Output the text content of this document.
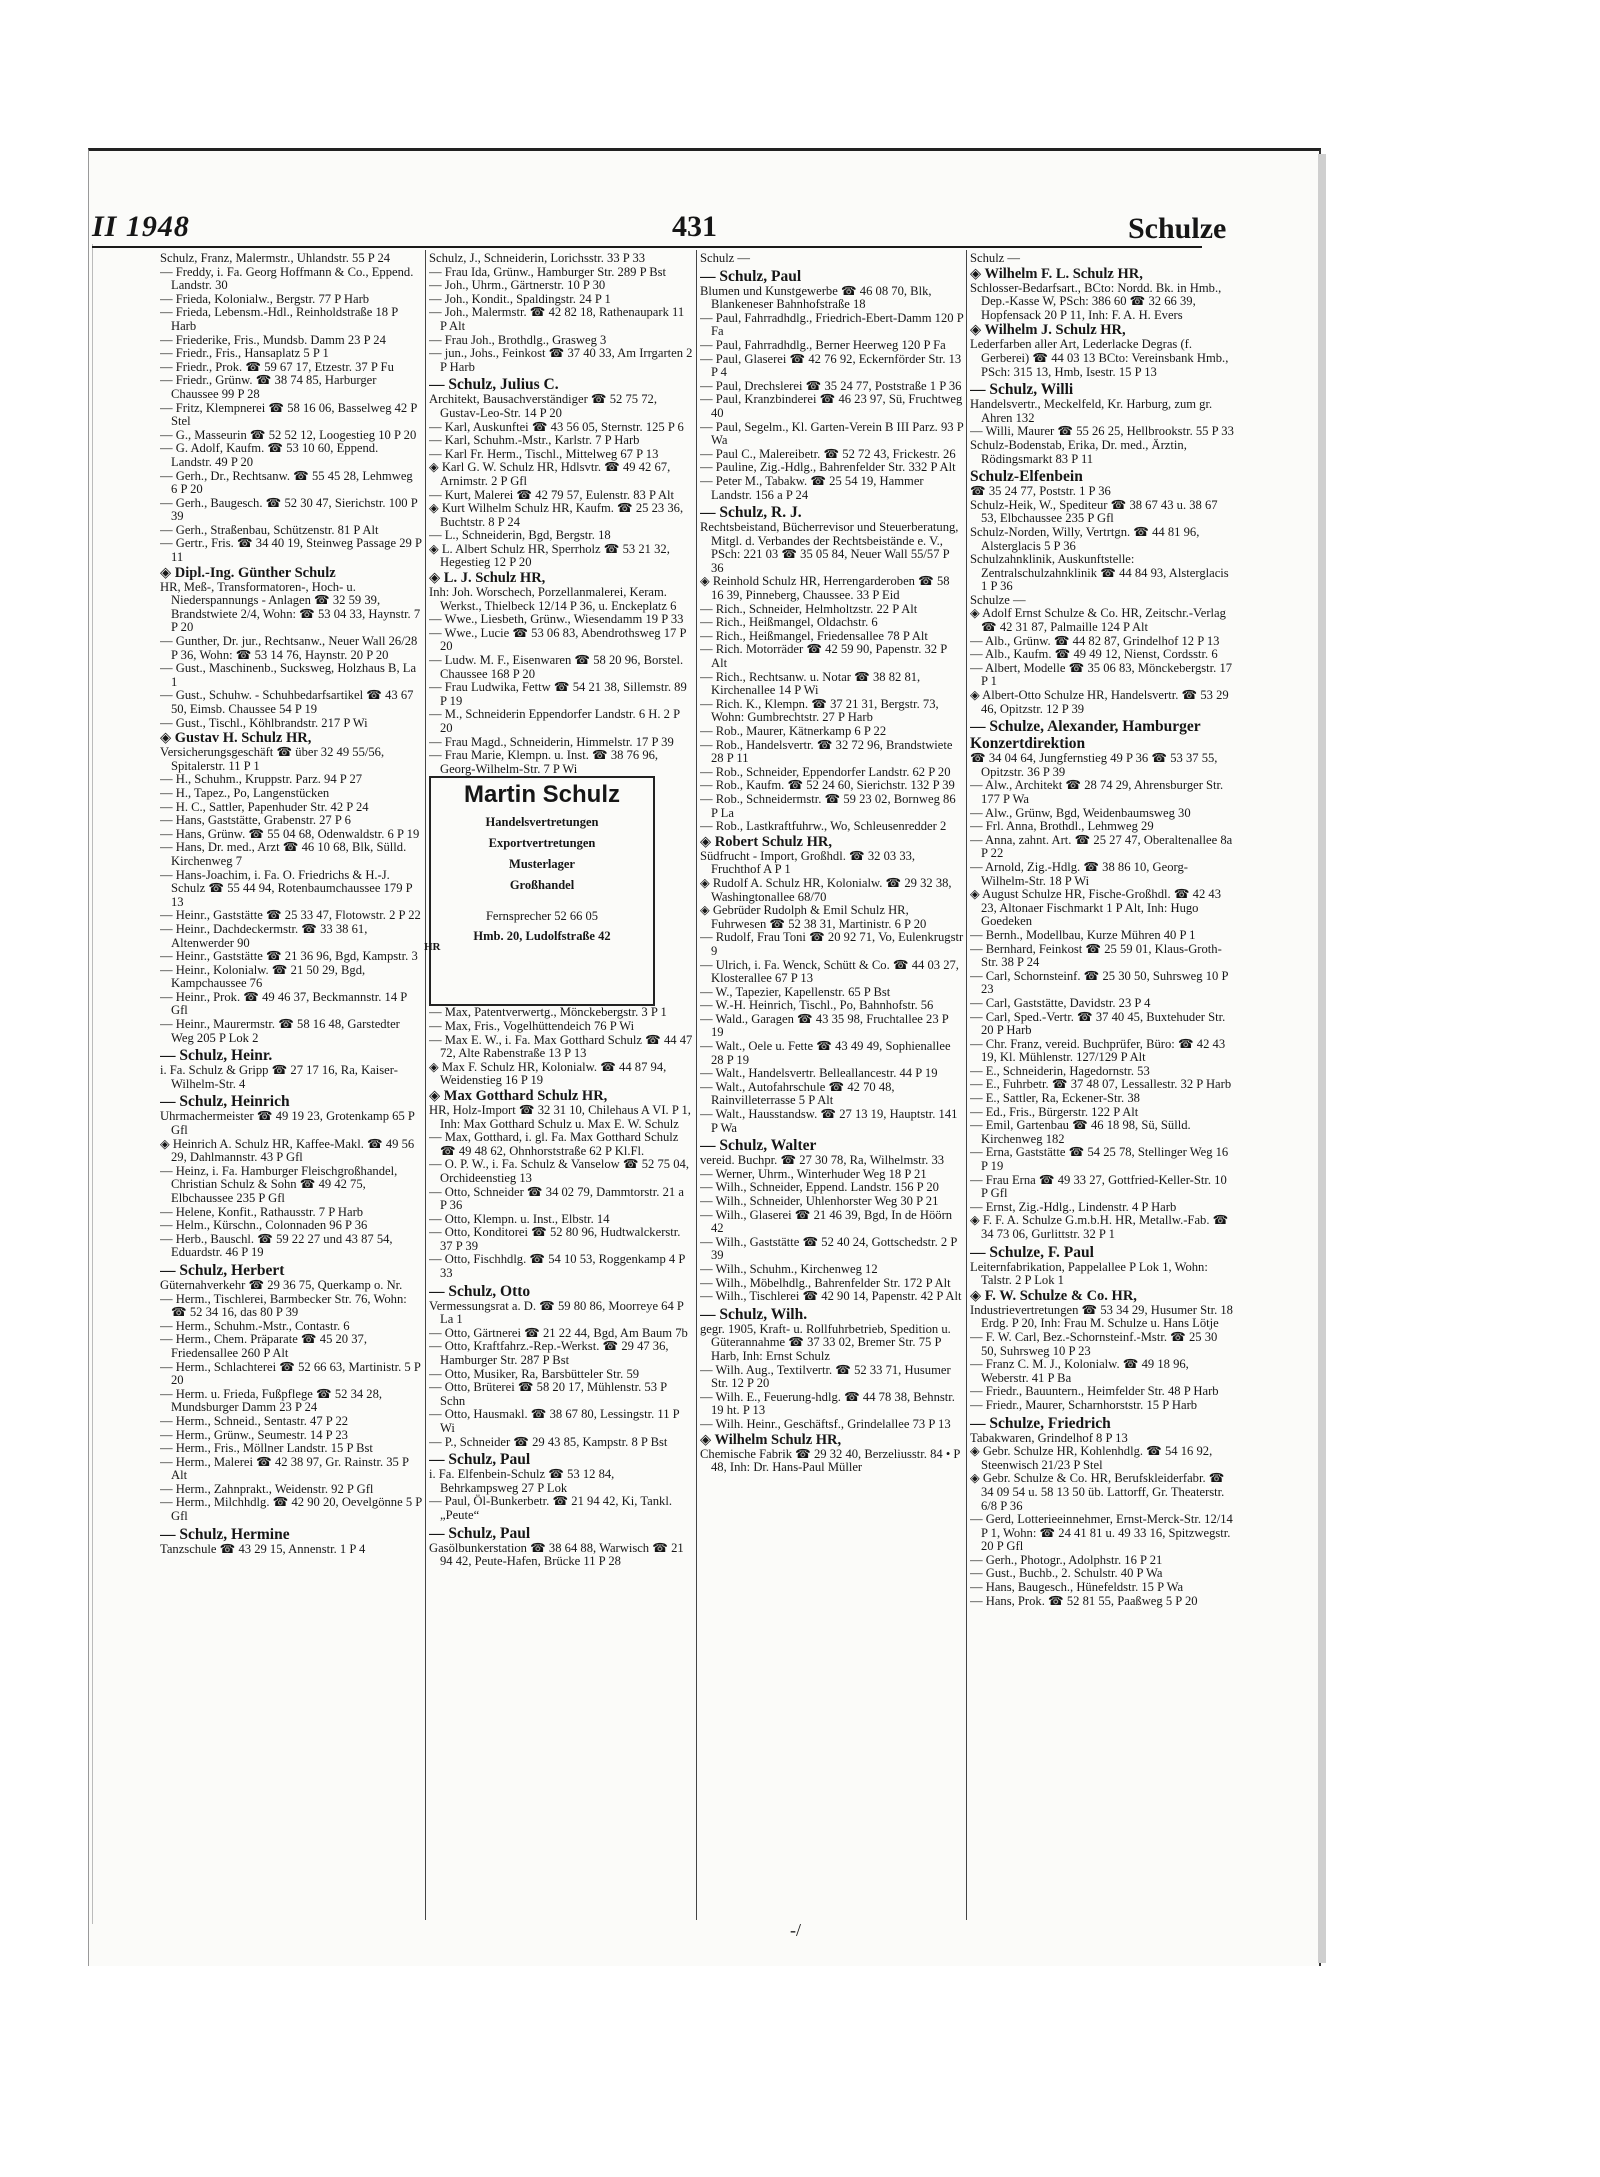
II 1948	431	Schulze
Schulz, Franz, Malermstr., Uhlandstr. 55 P 24
— Freddy, i. Fa. Georg Hoffmann & Co., Eppend. Landstr. 30
— Frieda, Kolonialw., Bergstr. 77 P Harb
— Frieda, Lebensm.-Hdl., Reinholdstraße 18 P Harb
— Friederike, Fris., Mundsb. Damm 23 P 24
— Friedr., Fris., Hansaplatz 5 P 1
— Friedr., Prok. ☎ 59 67 17, Etzestr. 37 P Fu
— Friedr., Grünw. ☎ 38 74 85, Harburger Chaussee 99 P 28
— Fritz, Klempnerei ☎ 58 16 06, Basselweg 42 P Stel
— G., Masseurin ☎ 52 52 12, Loogestieg 10 P 20
— G. Adolf, Kaufm. ☎ 53 10 60, Eppend. Landstr. 49 P 20
— Gerh., Dr., Rechtsanw. ☎ 55 45 28, Lehmweg 6 P 20
— Gerh., Baugesch. ☎ 52 30 47, Sierichstr. 100 P 39
— Gerh., Straßenbau, Schützenstr. 81 P Alt
— Gertr., Fris. ☎ 34 40 19, Steinweg Passage 29 P 11
◈ Dipl.-Ing. Günther Schulz
HR, Meß-, Transformatoren-, Hoch- u. Niederspannungs - Anlagen ☎ 32 59 39, Brandstwiete 2/4, Wohn: ☎ 53 04 33, Haynstr. 7 P 20
— Gunther, Dr. jur., Rechtsanw., Neuer Wall 26/28 P 36, Wohn: ☎ 53 14 76, Haynstr. 20 P 20
— Gust., Maschinenb., Sucksweg, Holzhaus B, La 1
— Gust., Schuhw. - Schuhbedarfsartikel ☎ 43 67 50, Eimsb. Chaussee 54 P 19
— Gust., Tischl., Köhlbrandstr. 217 P Wi
◈ Gustav H. Schulz HR,
Versicherungsgeschäft ☎ über 32 49 55/56, Spitalerstr. 11 P 1
— H., Schuhm., Kruppstr. Parz. 94 P 27
— H., Tapez., Po, Langenstücken
— H. C., Sattler, Papenhuder Str. 42 P 24
— Hans, Gaststätte, Grabenstr. 27 P 6
— Hans, Grünw. ☎ 55 04 68, Odenwaldstr. 6 P 19
— Hans, Dr. med., Arzt ☎ 46 10 68, Blk, Sülld. Kirchenweg 7
— Hans-Joachim, i. Fa. O. Friedrichs & H.-J. Schulz ☎ 55 44 94, Rotenbaumchaussee 179 P 13
— Heinr., Gaststätte ☎ 25 33 47, Flotowstr. 2 P 22
— Heinr., Dachdeckermstr. ☎ 33 38 61, Altenwerder 90
— Heinr., Gaststätte ☎ 21 36 96, Bgd, Kampstr. 3
— Heinr., Kolonialw. ☎ 21 50 29, Bgd, Kampchaussee 76
— Heinr., Prok. ☎ 49 46 37, Beckmannstr. 14 P Gfl
— Heinr., Maurermstr. ☎ 58 16 48, Garstedter Weg 205 P Lok 2
— Schulz, Heinr.
i. Fa. Schulz & Gripp ☎ 27 17 16, Ra, Kaiser-Wilhelm-Str. 4
— Schulz, Heinrich
Uhrmachermeister ☎ 49 19 23, Grotenkamp 65 P Gfl
◈ Heinrich A. Schulz HR, Kaffee-Makl. ☎ 49 56 29, Dahlmannstr. 43 P Gfl
— Heinz, i. Fa. Hamburger Fleischgroßhandel, Christian Schulz & Sohn ☎ 49 42 75, Elbchaussee 235 P Gfl
— Helene, Konfit., Rathausstr. 7 P Harb
— Helm., Kürschn., Colonnaden 96 P 36
— Herb., Bauschl. ☎ 59 22 27 und 43 87 54, Eduardstr. 46 P 19
— Schulz, Herbert
Güternahverkehr ☎ 29 36 75, Querkamp o. Nr.
— Herm., Tischlerei, Barmbecker Str. 76, Wohn: ☎ 52 34 16, das 80 P 39
— Herm., Schuhm.-Mstr., Contastr. 6
— Herm., Chem. Präparate ☎ 45 20 37, Friedensallee 260 P Alt
— Herm., Schlachterei ☎ 52 66 63, Martinistr. 5 P 20
— Herm. u. Frieda, Fußpflege ☎ 52 34 28, Mundsburger Damm 23 P 24
— Herm., Schneid., Sentastr. 47 P 22
— Herm., Grünw., Seumestr. 14 P 23
— Herm., Fris., Möllner Landstr. 15 P Bst
— Herm., Malerei ☎ 42 38 97, Gr. Rainstr. 35 P Alt
— Herm., Zahnprakt., Weidenstr. 92 P Gfl
— Herm., Milchhdlg. ☎ 42 90 20, Oevelgönne 5 P Gfl
— Schulz, Hermine
Tanzschule ☎ 43 29 15, Annenstr. 1 P 4
Schulz, J., Schneiderin, Lorichsstr. 33 P 33
— Frau Ida, Grünw., Hamburger Str. 289 P Bst
— Joh., Uhrm., Gärtnerstr. 10 P 30
— Joh., Kondit., Spaldingstr. 24 P 1
— Joh., Malermstr. ☎ 42 82 18, Rathenaupark 11 P Alt
— Frau Joh., Brothdlg., Grasweg 3
— jun., Johs., Feinkost ☎ 37 40 33, Am Irrgarten 2 P Harb
— Schulz, Julius C.
Architekt, Bausachverständiger ☎ 52 75 72, Gustav-Leo-Str. 14 P 20
— Karl, Auskunftei ☎ 43 56 05, Sternstr. 125 P 6
— Karl, Schuhm.-Mstr., Karlstr. 7 P Harb
— Karl Fr. Herm., Tischl., Mittelweg 67 P 13
◈ Karl G. W. Schulz HR, Hdlsvtr. ☎ 49 42 67, Arnimstr. 2 P Gfl
— Kurt, Malerei ☎ 42 79 57, Eulenstr. 83 P Alt
◈ Kurt Wilhelm Schulz HR, Kaufm. ☎ 25 23 36, Buchtstr. 8 P 24
— L., Schneiderin, Bgd, Bergstr. 18
◈ L. Albert Schulz HR, Sperrholz ☎ 53 21 32, Hegestieg 12 P 20
◈ L. J. Schulz HR,
Inh: Joh. Worschech, Porzellanmalerei, Keram. Werkst., Thielbeck 12/14 P 36, u. Enckeplatz 6
— Wwe., Liesbeth, Grünw., Wiesendamm 19 P 33
— Wwe., Lucie ☎ 53 06 83, Abendrothsweg 17 P 20
— Ludw. M. F., Eisenwaren ☎ 58 20 96, Borstel. Chaussee 168 P 20
— Frau Ludwika, Fettw ☎ 54 21 38, Sillemstr. 89 P 19
— M., Schneiderin Eppendorfer Landstr. 6 H. 2 P 20
— Frau Magd., Schneiderin, Himmelstr. 17 P 39
— Frau Marie, Klempn. u. Inst. ☎ 38 76 96, Georg-Wilhelm-Str. 7 P Wi
Martin Schulz
Handelsvertretungen
Exportvertretungen
Musterlager
Großhandel
Fernsprecher 52 66 05
Hmb. 20, Ludolfstraße 42
— Max, Patentverwertg., Mönckebergstr. 3 P 1
— Max, Fris., Vogelhüttendeich 76 P Wi
— Max E. W., i. Fa. Max Gotthard Schulz ☎ 44 47 72, Alte Rabenstraße 13 P 13
◈ Max F. Schulz HR, Kolonialw. ☎ 44 87 94, Weidenstieg 16 P 19
◈ Max Gotthard Schulz HR,
HR, Holz-Import ☎ 32 31 10, Chilehaus A VI. P 1, Inh: Max Gotthard Schulz u. Max E. W. Schulz
— Max, Gotthard, i. gl. Fa. Max Gotthard Schulz ☎ 49 48 62, Ohnhorststraße 62 P Kl.Fl.
— O. P. W., i. Fa. Schulz & Vanselow ☎ 52 75 04, Orchideenstieg 13
— Otto, Schneider ☎ 34 02 79, Dammtorstr. 21 a P 36
— Otto, Klempn. u. Inst., Elbstr. 14
— Otto, Konditorei ☎ 52 80 96, Hudtwalckerstr. 37 P 39
— Otto, Fischhdlg. ☎ 54 10 53, Roggenkamp 4 P 33
— Schulz, Otto
Vermessungsrat a. D. ☎ 59 80 86, Moorreye 64 P La 1
— Otto, Gärtnerei ☎ 21 22 44, Bgd, Am Baum 7b
— Otto, Kraftfahrz.-Rep.-Werkst. ☎ 29 47 36, Hamburger Str. 287 P Bst
— Otto, Musiker, Ra, Barsbütteler Str. 59
— Otto, Brüterei ☎ 58 20 17, Mühlenstr. 53 P Schn
— Otto, Hausmakl. ☎ 38 67 80, Lessingstr. 11 P Wi
— P., Schneider ☎ 29 43 85, Kampstr. 8 P Bst
— Schulz, Paul
i. Fa. Elfenbein-Schulz ☎ 53 12 84, Behrkampsweg 27 P Lok
— Paul, Öl-Bunkerbetr. ☎ 21 94 42, Ki, Tankl. „Peute“
— Schulz, Paul
Gasölbunkerstation ☎ 38 64 88, Warwisch ☎ 21 94 42, Peute-Hafen, Brücke 11 P 28
Schulz —
— Schulz, Paul
Blumen und Kunstgewerbe ☎ 46 08 70, Blk, Blankeneser Bahnhofstraße 18
— Paul, Fahrradhdlg., Friedrich-Ebert-Damm 120 P Fa
— Paul, Fahrradhdlg., Berner Heerweg 120 P Fa
— Paul, Glaserei ☎ 42 76 92, Eckernförder Str. 13 P 4
— Paul, Drechslerei ☎ 35 24 77, Poststraße 1 P 36
— Paul, Kranzbinderei ☎ 46 23 97, Sü, Fruchtweg 40
— Paul, Segelm., Kl. Garten-Verein B III Parz. 93 P Wa
— Paul C., Malereibetr. ☎ 52 72 43, Frickestr. 26
— Pauline, Zig.-Hdlg., Bahrenfelder Str. 332 P Alt
— Peter M., Tabakw. ☎ 25 54 19, Hammer Landstr. 156 a P 24
— Schulz, R. J.
Rechtsbeistand, Bücherrevisor und Steuerberatung, Mitgl. d. Verbandes der Rechtsbeistände e. V., PSch: 221 03 ☎ 35 05 84, Neuer Wall 55/57 P 36
◈ Reinhold Schulz HR, Herrengarderoben ☎ 58 16 39, Pinneberg, Chaussee. 33 P Eid
— Rich., Schneider, Helmholtzstr. 22 P Alt
— Rich., Heißmangel, Oldachstr. 6
— Rich., Heißmangel, Friedensallee 78 P Alt
— Rich. Motorräder ☎ 42 59 90, Papenstr. 32 P Alt
— Rich., Rechtsanw. u. Notar ☎ 38 82 81, Kirchenallee 14 P Wi
— Rich. K., Klempn. ☎ 37 21 31, Bergstr. 73, Wohn: Gumbrechtstr. 27 P Harb
— Rob., Maurer, Kätnerkamp 6 P 22
— Rob., Handelsvertr. ☎ 32 72 96, Brandstwiete 28 P 11
— Rob., Schneider, Eppendorfer Landstr. 62 P 20
— Rob., Kaufm. ☎ 52 24 60, Sierichstr. 132 P 39
— Rob., Schneidermstr. ☎ 59 23 02, Bornweg 86 P La
— Rob., Lastkraftfuhrw., Wo, Schleusenredder 2
◈ Robert Schulz HR,
Südfrucht - Import, Großhdl. ☎ 32 03 33, Fruchthof A P 1
◈ Rudolf A. Schulz HR, Kolonialw. ☎ 29 32 38, Washingtonallee 68/70
◈ Gebrüder Rudolph & Emil Schulz HR, Fuhrwesen ☎ 52 38 31, Martinistr. 6 P 20
— Rudolf, Frau Toni ☎ 20 92 71, Vo, Eulenkrugstr 9
— Ulrich, i. Fa. Wenck, Schütt & Co. ☎ 44 03 27, Klosterallee 67 P 13
— W., Tapezier, Kapellenstr. 65 P Bst
— W.-H. Heinrich, Tischl., Po, Bahnhofstr. 56
— Wald., Garagen ☎ 43 35 98, Fruchtallee 23 P 19
— Walt., Oele u. Fette ☎ 43 49 49, Sophienallee 28 P 19
— Walt., Handelsvertr. Belleallancestr. 44 P 19
— Walt., Autofahrschule ☎ 42 70 48, Rainvilleterrasse 5 P Alt
— Walt., Hausstandsw. ☎ 27 13 19, Hauptstr. 141 P Wa
— Schulz, Walter
vereid. Buchpr. ☎ 27 30 78, Ra, Wilhelmstr. 33
— Werner, Uhrm., Winterhuder Weg 18 P 21
— Wilh., Schneider, Eppend. Landstr. 156 P 20
— Wilh., Schneider, Uhlenhorster Weg 30 P 21
— Wilh., Glaserei ☎ 21 46 39, Bgd, In de Höörn 42
— Wilh., Gaststätte ☎ 52 40 24, Gottschedstr. 2 P 39
— Wilh., Schuhm., Kirchenweg 12
— Wilh., Möbelhdlg., Bahrenfelder Str. 172 P Alt
— Wilh., Tischlerei ☎ 42 90 14, Papenstr. 42 P Alt
— Schulz, Wilh.
gegr. 1905, Kraft- u. Rollfuhrbetrieb, Spedition u. Güterannahme ☎ 37 33 02, Bremer Str. 75 P Harb, Inh: Ernst Schulz
— Wilh. Aug., Textilvertr. ☎ 52 33 71, Husumer Str. 12 P 20
— Wilh. E., Feuerung-hdlg. ☎ 44 78 38, Behnstr. 19 ht. P 13
— Wilh. Heinr., Geschäftsf., Grindelallee 73 P 13
◈ Wilhelm Schulz HR,
Chemische Fabrik ☎ 29 32 40, Berzeliusstr. 84 • P 48, Inh: Dr. Hans-Paul Müller
Schulz —
◈ Wilhelm F. L. Schulz HR,
Schlosser-Bedarfsart., BCto: Nordd. Bk. in Hmb., Dep.-Kasse W, PSch: 386 60 ☎ 32 66 39, Hopfensack 20 P 11, Inh: F. A. H. Evers
◈ Wilhelm J. Schulz HR,
Lederfarben aller Art, Lederlacke Degras (f. Gerberei) ☎ 44 03 13 BCto: Vereinsbank Hmb., PSch: 315 13, Hmb, Isestr. 15 P 13
— Schulz, Willi
Handelsvertr., Meckelfeld, Kr. Harburg, zum gr. Ahren 132
— Willi, Maurer ☎ 55 26 25, Hellbrookstr. 55 P 33
Schulz-Bodenstab, Erika, Dr. med., Ärztin, Rödingsmarkt 83 P 11
Schulz-Elfenbein
☎ 35 24 77, Poststr. 1 P 36
Schulz-Heik, W., Spediteur ☎ 38 67 43 u. 38 67 53, Elbchaussee 235 P Gfl
Schulz-Norden, Willy, Vertrtgn. ☎ 44 81 96, Alsterglacis 5 P 36
Schulzahnklinik, Auskunftstelle: Zentralschulzahnklinik ☎ 44 84 93, Alsterglacis 1 P 36
Schulze —
◈ Adolf Ernst Schulze & Co. HR, Zeitschr.-Verlag ☎ 42 31 87, Palmaille 124 P Alt
— Alb., Grünw. ☎ 44 82 87, Grindelhof 12 P 13
— Alb., Kaufm. ☎ 49 49 12, Nienst, Cordsstr. 6
— Albert, Modelle ☎ 35 06 83, Mönckebergstr. 17 P 1
◈ Albert-Otto Schulze HR, Handelsvertr. ☎ 53 29 46, Opitzstr. 12 P 39
— Schulze, Alexander, Hamburger Konzertdirektion
☎ 34 04 64, Jungfernstieg 49 P 36 ☎ 53 37 55, Opitzstr. 36 P 39
— Alw., Architekt ☎ 28 74 29, Ahrensburger Str. 177 P Wa
— Alw., Grünw, Bgd, Weidenbaumsweg 30
— Frl. Anna, Brothdl., Lehmweg 29
— Anna, zahnt. Art. ☎ 25 27 47, Oberaltenallee 8a P 22
— Arnold, Zig.-Hdlg. ☎ 38 86 10, Georg-Wilhelm-Str. 18 P Wi
◈ August Schulze HR, Fische-Großhdl. ☎ 42 43 23, Altonaer Fischmarkt 1 P Alt, Inh: Hugo Goedeken
— Bernh., Modellbau, Kurze Mühren 40 P 1
— Bernhard, Feinkost ☎ 25 59 01, Klaus-Groth-Str. 38 P 24
— Carl, Schornsteinf. ☎ 25 30 50, Suhrsweg 10 P 23
— Carl, Gaststätte, Davidstr. 23 P 4
— Carl, Sped.-Vertr. ☎ 37 40 45, Buxtehuder Str. 20 P Harb
— Chr. Franz, vereid. Buchprüfer, Büro: ☎ 42 43 19, Kl. Mühlenstr. 127/129 P Alt
— E., Schneiderin, Hagedornstr. 53
— E., Fuhrbetr. ☎ 37 48 07, Lessallestr. 32 P Harb
— E., Sattler, Ra, Eckener-Str. 38
— Ed., Fris., Bürgerstr. 122 P Alt
— Emil, Gartenbau ☎ 46 18 98, Sü, Sülld. Kirchenweg 182
— Erna, Gaststätte ☎ 54 25 78, Stellinger Weg 16 P 19
— Frau Erna ☎ 49 33 27, Gottfried-Keller-Str. 10 P Gfl
— Ernst, Zig.-Hdlg., Lindenstr. 4 P Harb
◈ F. F. A. Schulze G.m.b.H. HR, Metallw.-Fab. ☎ 34 73 06, Gurlittstr. 32 P 1
— Schulze, F. Paul
Leiternfabrikation, Pappelallee P Lok 1, Wohn: Talstr. 2 P Lok 1
◈ F. W. Schulze & Co. HR,
Industrievertretungen ☎ 53 34 29, Husumer Str. 18 Erdg. P 20, Inh: Frau M. Schulze u. Hans Lötje
— F. W. Carl, Bez.-Schornsteinf.-Mstr. ☎ 25 30 50, Suhrsweg 10 P 23
— Franz C. M. J., Kolonialw. ☎ 49 18 96, Weberstr. 41 P Ba
— Friedr., Bauuntern., Heimfelder Str. 48 P Harb
— Friedr., Maurer, Scharnhorststr. 15 P Harb
— Schulze, Friedrich
Tabakwaren, Grindelhof 8 P 13
◈ Gebr. Schulze HR, Kohlenhdlg. ☎ 54 16 92, Steenwisch 21/23 P Stel
◈ Gebr. Schulze & Co. HR, Berufskleiderfabr. ☎ 34 09 54 u. 58 13 50 üb. Lattorff, Gr. Theaterstr. 6/8 P 36
— Gerd, Lotterieeinnehmer, Ernst-Merck-Str. 12/14 P 1, Wohn: ☎ 24 41 81 u. 49 33 16, Spitzwegstr. 20 P Gfl
— Gerh., Photogr., Adolphstr. 16 P 21
— Gust., Buchb., 2. Schulstr. 40 P Wa
— Hans, Baugesch., Hünefeldstr. 15 P Wa
— Hans, Prok. ☎ 52 81 55, Paaßweg 5 P 20
HR
-/
